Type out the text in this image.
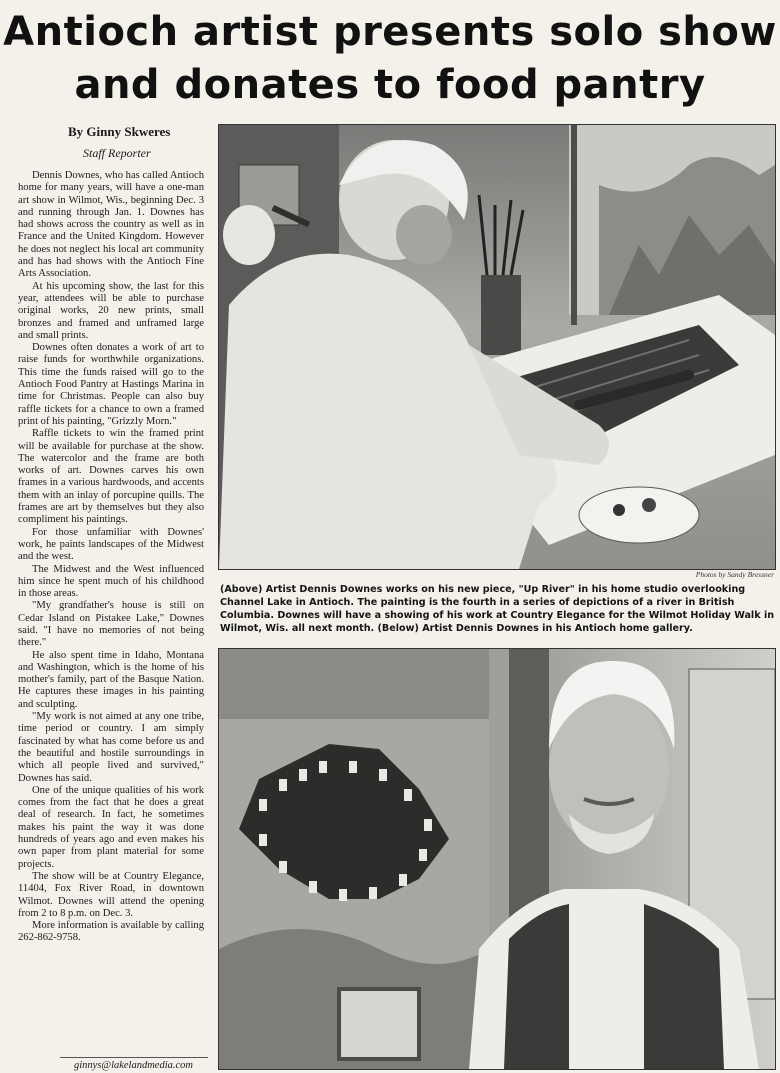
Antioch artist presents solo show
and donates to food pantry
By Ginny Skweres
Staff Reporter

Dennis Downes, who has called Antioch home for many years, will have a one-man art show in Wilmot, Wis., beginning Dec. 3 and running through Jan. 1. Downes has had shows across the country as well as in France and the United Kingdom. However he does not neglect his local art community and has had shows with the Antioch Fine Arts Association.

At his upcoming show, the last for this year, attendees will be able to purchase original works, 20 new prints, small bronzes and framed and unframed large and small prints.

Downes often donates a work of art to raise funds for worthwhile organizations. This time the funds raised will go to the Antioch Food Pantry at Hastings Marina in time for Christmas. People can also buy raffle tickets for a chance to own a framed print of his painting, "Grizzly Morn."

Raffle tickets to win the framed print will be available for purchase at the show. The watercolor and the frame are both works of art. Downes carves his own frames in a various hardwoods, and accents them with an inlay of porcupine quills. The frames are art by themselves but they also compliment his paintings.

For those unfamiliar with Downes' work, he paints landscapes of the Midwest and the west.

The Midwest and the West influenced him since he spent much of his childhood in those areas.

"My grandfather's house is still on Cedar Island on Pistakee Lake," Downes said. "I have no memories of not being there."

He also spent time in Idaho, Montana and Washington, which is the home of his mother's family, part of the Basque Nation. He captures these images in his painting and sculpting.

"My work is not aimed at any one tribe, time period or country. I am simply fascinated by what has come before us and the beautiful and hostile surroundings in which all people lived and survived," Downes has said.

One of the unique qualities of his work comes from the fact that he does a great deal of research. In fact, he sometimes makes his paint the way it was done hundreds of years ago and even makes his own paper from plant material for some projects.

The show will be at Country Elegance, 11404, Fox River Road, in downtown Wilmot. Downes will attend the opening from 2 to 8 p.m. on Dec. 3.

More information is available by calling 262-862-9758.

ginnys@lakelandmedia.com
Photos by Sandy Bressner
(Above) Artist Dennis Downes works on his new piece, "Up River" in his home studio overlooking Channel Lake in Antioch. The painting is the fourth in a series of depictions of a river in British Columbia. Downes will have a showing of his work at Country Elegance for the Wilmot Holiday Walk in Wilmot, Wis. all next month. (Below) Artist Dennis Downes in his Antioch home gallery.
